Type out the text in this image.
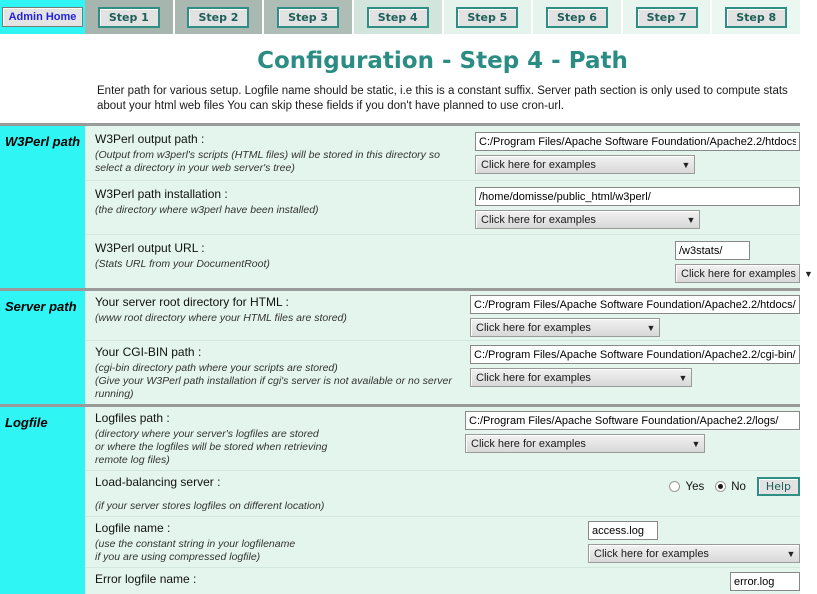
Admin Home	Step 1	Step 2	Step 3	Step 4	Step 5	Step 6	Step 7	Step 8
Configuration - Step 4 - Path
Enter path for various setup. Logfile name should be static, i.e this is a constant suffix. Server path section is only used to compute stats about your html web files You can skip these fields if you don't have planned to use cron-url.
W3Perl path	W3Perl output path :
(Output from w3perl's scripts (HTML files) will be stored in this directory so select a directory in your web server's tree)
C:/Program Files/Apache Software Foundation/Apache2.2/htdocs/w3stats/	Click here for examples	▼
W3Perl path installation :
(the directory where w3perl have been installed)
/home/domisse/public_html/w3perl/
Click here for examples	▼
W3Perl output URL :
(Stats URL from your DocumentRoot)
/w3stats/
Click here for examples ▼
Server path	Your server root directory for HTML :
(www root directory where your HTML files are stored)
C:/Program Files/Apache Software Foundation/Apache2.2/htdocs/
Click here for examples	▼
Your CGI-BIN path :
(cgi-bin directory path where your scripts are stored)
(Give your W3Perl path installation if cgi's server is not available or no server running)
C:/Program Files/Apache Software Foundation/Apache2.2/cgi-bin/
Click here for examples	▼
Logfile	Logfiles path :
(directory where your server's logfiles are stored
or where the logfiles will be stored when retrieving
remote log files)
C:/Program Files/Apache Software Foundation/Apache2.2/logs/
Click here for examples	▼
Load-balancing server :
(if your server stores logfiles on different location)
Yes No	Help
Logfile name :
(use the constant string in your logfilename
if you are using compressed logfile)
access.log	Click here for examples	▼
Error logfile name :
error.log
